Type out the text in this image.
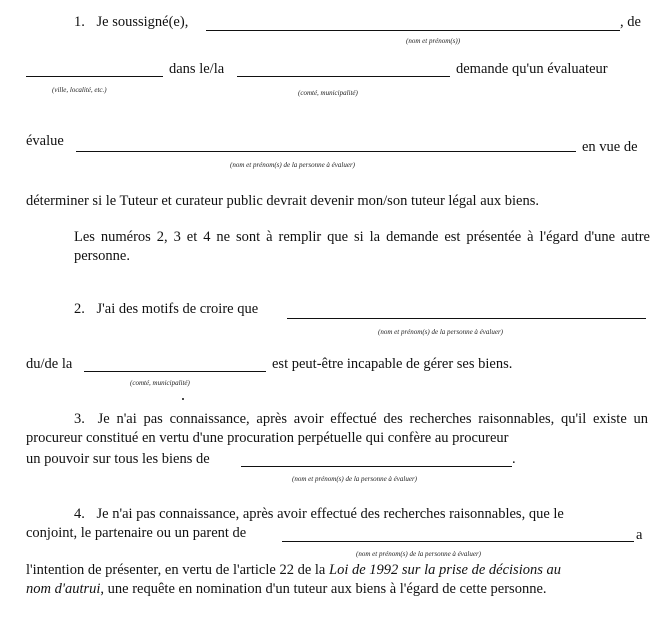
1. Je soussigné(e),	, de
(nom et prénom(s))
dans le/la	demande qu'un évaluateur
(ville, localité, etc.)	(comté, municipalité)
évalue	en vue de
(nom et prénom(s) de la personne à évaluer)
déterminer si le Tuteur et curateur public devrait devenir mon/son tuteur légal aux biens.
Les numéros 2, 3 et 4 ne sont à remplir que si la demande est présentée à l'égard d'une autre personne.
2. J'ai des motifs de croire que
(nom et prénom(s) de la personne à évaluer)
du/de la	est peut-être incapable de gérer ses biens.
(comté, municipalité)
3. Je n'ai pas connaissance, après avoir effectué des recherches raisonnables, qu'il existe un procureur constitué en vertu d'une procuration perpétuelle qui confère au procureur
un pouvoir sur tous les biens de	.
(nom et prénom(s) de la personne à évaluer)
4. Je n'ai pas connaissance, après avoir effectué des recherches raisonnables, que le
conjoint, le partenaire ou un parent de	a
(nom et prénom(s) de la personne à évaluer)
l'intention de présenter, en vertu de l'article 22 de la Loi de 1992 sur la prise de décisions au
nom d'autrui, une requête en nomination d'un tuteur aux biens à l'égard de cette personne.
